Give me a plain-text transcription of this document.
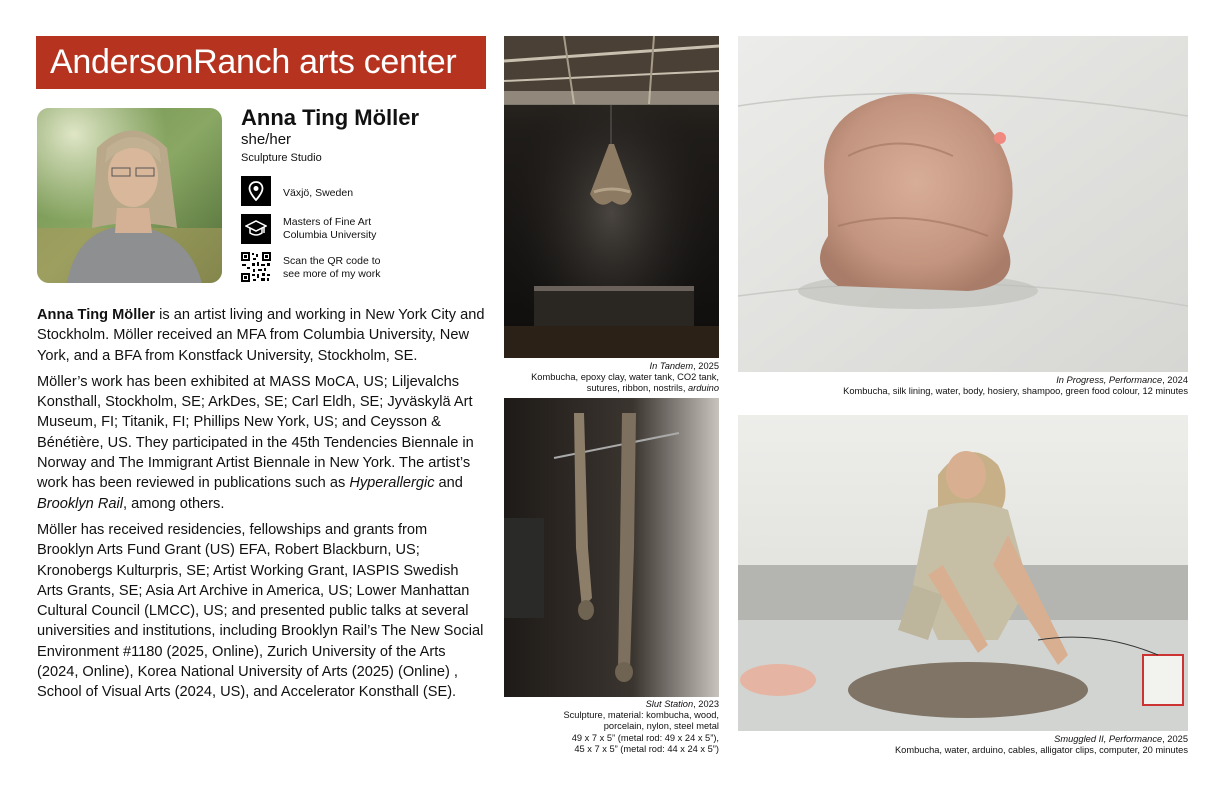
AndersonRanch arts center
Anna Ting Möller
she/her
Sculpture Studio
Växjö, Sweden
Masters of Fine Art
Columbia University
Scan the QR code to
see more of my work

Anna Ting Möller is an artist living and working in New York City and Stockholm. Möller received an MFA from Columbia University, New York, and a BFA from Konstfack University, Stockholm, SE.

Möller’s work has been exhibited at MASS MoCA, US; Liljevalchs Konsthall, Stockholm, SE; ArkDes, SE; Carl Eldh, SE; Jyväskylä Art Museum, FI; Titanik, FI; Phillips New York, US; and Ceysson & Bénétière, US. They participated in the 45th Tendencies Biennale in Norway and The Immigrant Artist Biennale in New York. The artist’s work has been reviewed in publications such as Hyperallergic and Brooklyn Rail, among others.

Möller has received residencies, fellowships and grants from Brooklyn Arts Fund Grant (US) EFA, Robert Blackburn, US; Kronobergs Kulturpris, SE; Artist Working Grant, IASPIS Swedish Arts Grants, SE; Asia Art Archive in America, US; Lower Manhattan Cultural Council (LMCC), US; and presented public talks at several universities and institutions, including Brooklyn Rail’s The New Social Environment #1180 (2025, Online), Zurich University of the Arts (2024, Online), Korea National University of Arts (2025) (Online) , School of Visual Arts (2024, US), and Accelerator Konsthall (SE).

In Tandem, 2025
Kombucha, epoxy clay, water tank, CO2 tank,
sutures, ribbon, nostrils, arduino
In Progress, Performance, 2024
Kombucha, silk lining, water, body, hosiery, shampoo, green food colour, 12 minutes
Slut Station, 2023
Sculpture, material: kombucha, wood,
porcelain, nylon, steel metal
49 x 7 x 5” (metal rod: 49 x 24 x 5”),
45 x 7 x 5” (metal rod: 44 x 24 x 5”)
Smuggled II, Performance, 2025
Kombucha, water, arduino, cables, alligator clips, computer, 20 minutes
